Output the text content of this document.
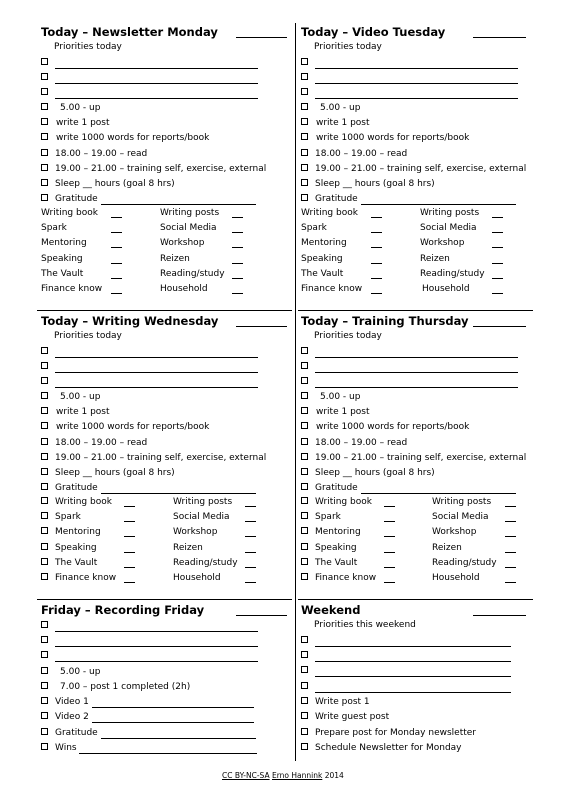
Today – Newsletter Monday
Priorities today
5.00 - up
write 1 post
write 1000 words for reports/book
18.00 – 19.00 – read
19.00 – 21.00 – training self, exercise, external
Sleep __ hours (goal 8 hrs)
Gratitude
Writing book	Writing posts
Spark	Social Media
Mentoring	Workshop
Speaking	Reizen
The Vault	Reading/study
Finance know	Household
Today – Video Tuesday
Priorities today
5.00 - up
write 1 post
write 1000 words for reports/book
18.00 – 19.00 – read
19.00 – 21.00 – training self, exercise, external
Sleep __ hours (goal 8 hrs)
Gratitude
Writing book	Writing posts
Spark	Social Media
Mentoring	Workshop
Speaking	Reizen
The Vault	Reading/study
Finance know	Household
Today – Writing Wednesday
Priorities today
5.00 - up
write 1 post
write 1000 words for reports/book
18.00 – 19.00 – read
19.00 – 21.00 – training self, exercise, external
Sleep __ hours (goal 8 hrs)
Gratitude
Writing book	Writing posts
Spark	Social Media
Mentoring	Workshop
Speaking	Reizen
The Vault	Reading/study
Finance know	Household
Today – Training Thursday
Priorities today
5.00 - up
write 1 post
write 1000 words for reports/book
18.00 – 19.00 – read
19.00 – 21.00 – training self, exercise, external
Sleep __ hours (goal 8 hrs)
Gratitude
Writing book	Writing posts
Spark	Social Media
Mentoring	Workshop
Speaking	Reizen
The Vault	Reading/study
Finance know	Household
Friday – Recording Friday
5.00 - up
7.00 – post 1 completed (2h)
Video 1
Video 2
Gratitude
Wins
Weekend
Priorities this weekend
Write post 1
Write guest post
Prepare post for Monday newsletter
Schedule Newsletter for Monday
CC BY-NC-SA Erno Hannink 2014
